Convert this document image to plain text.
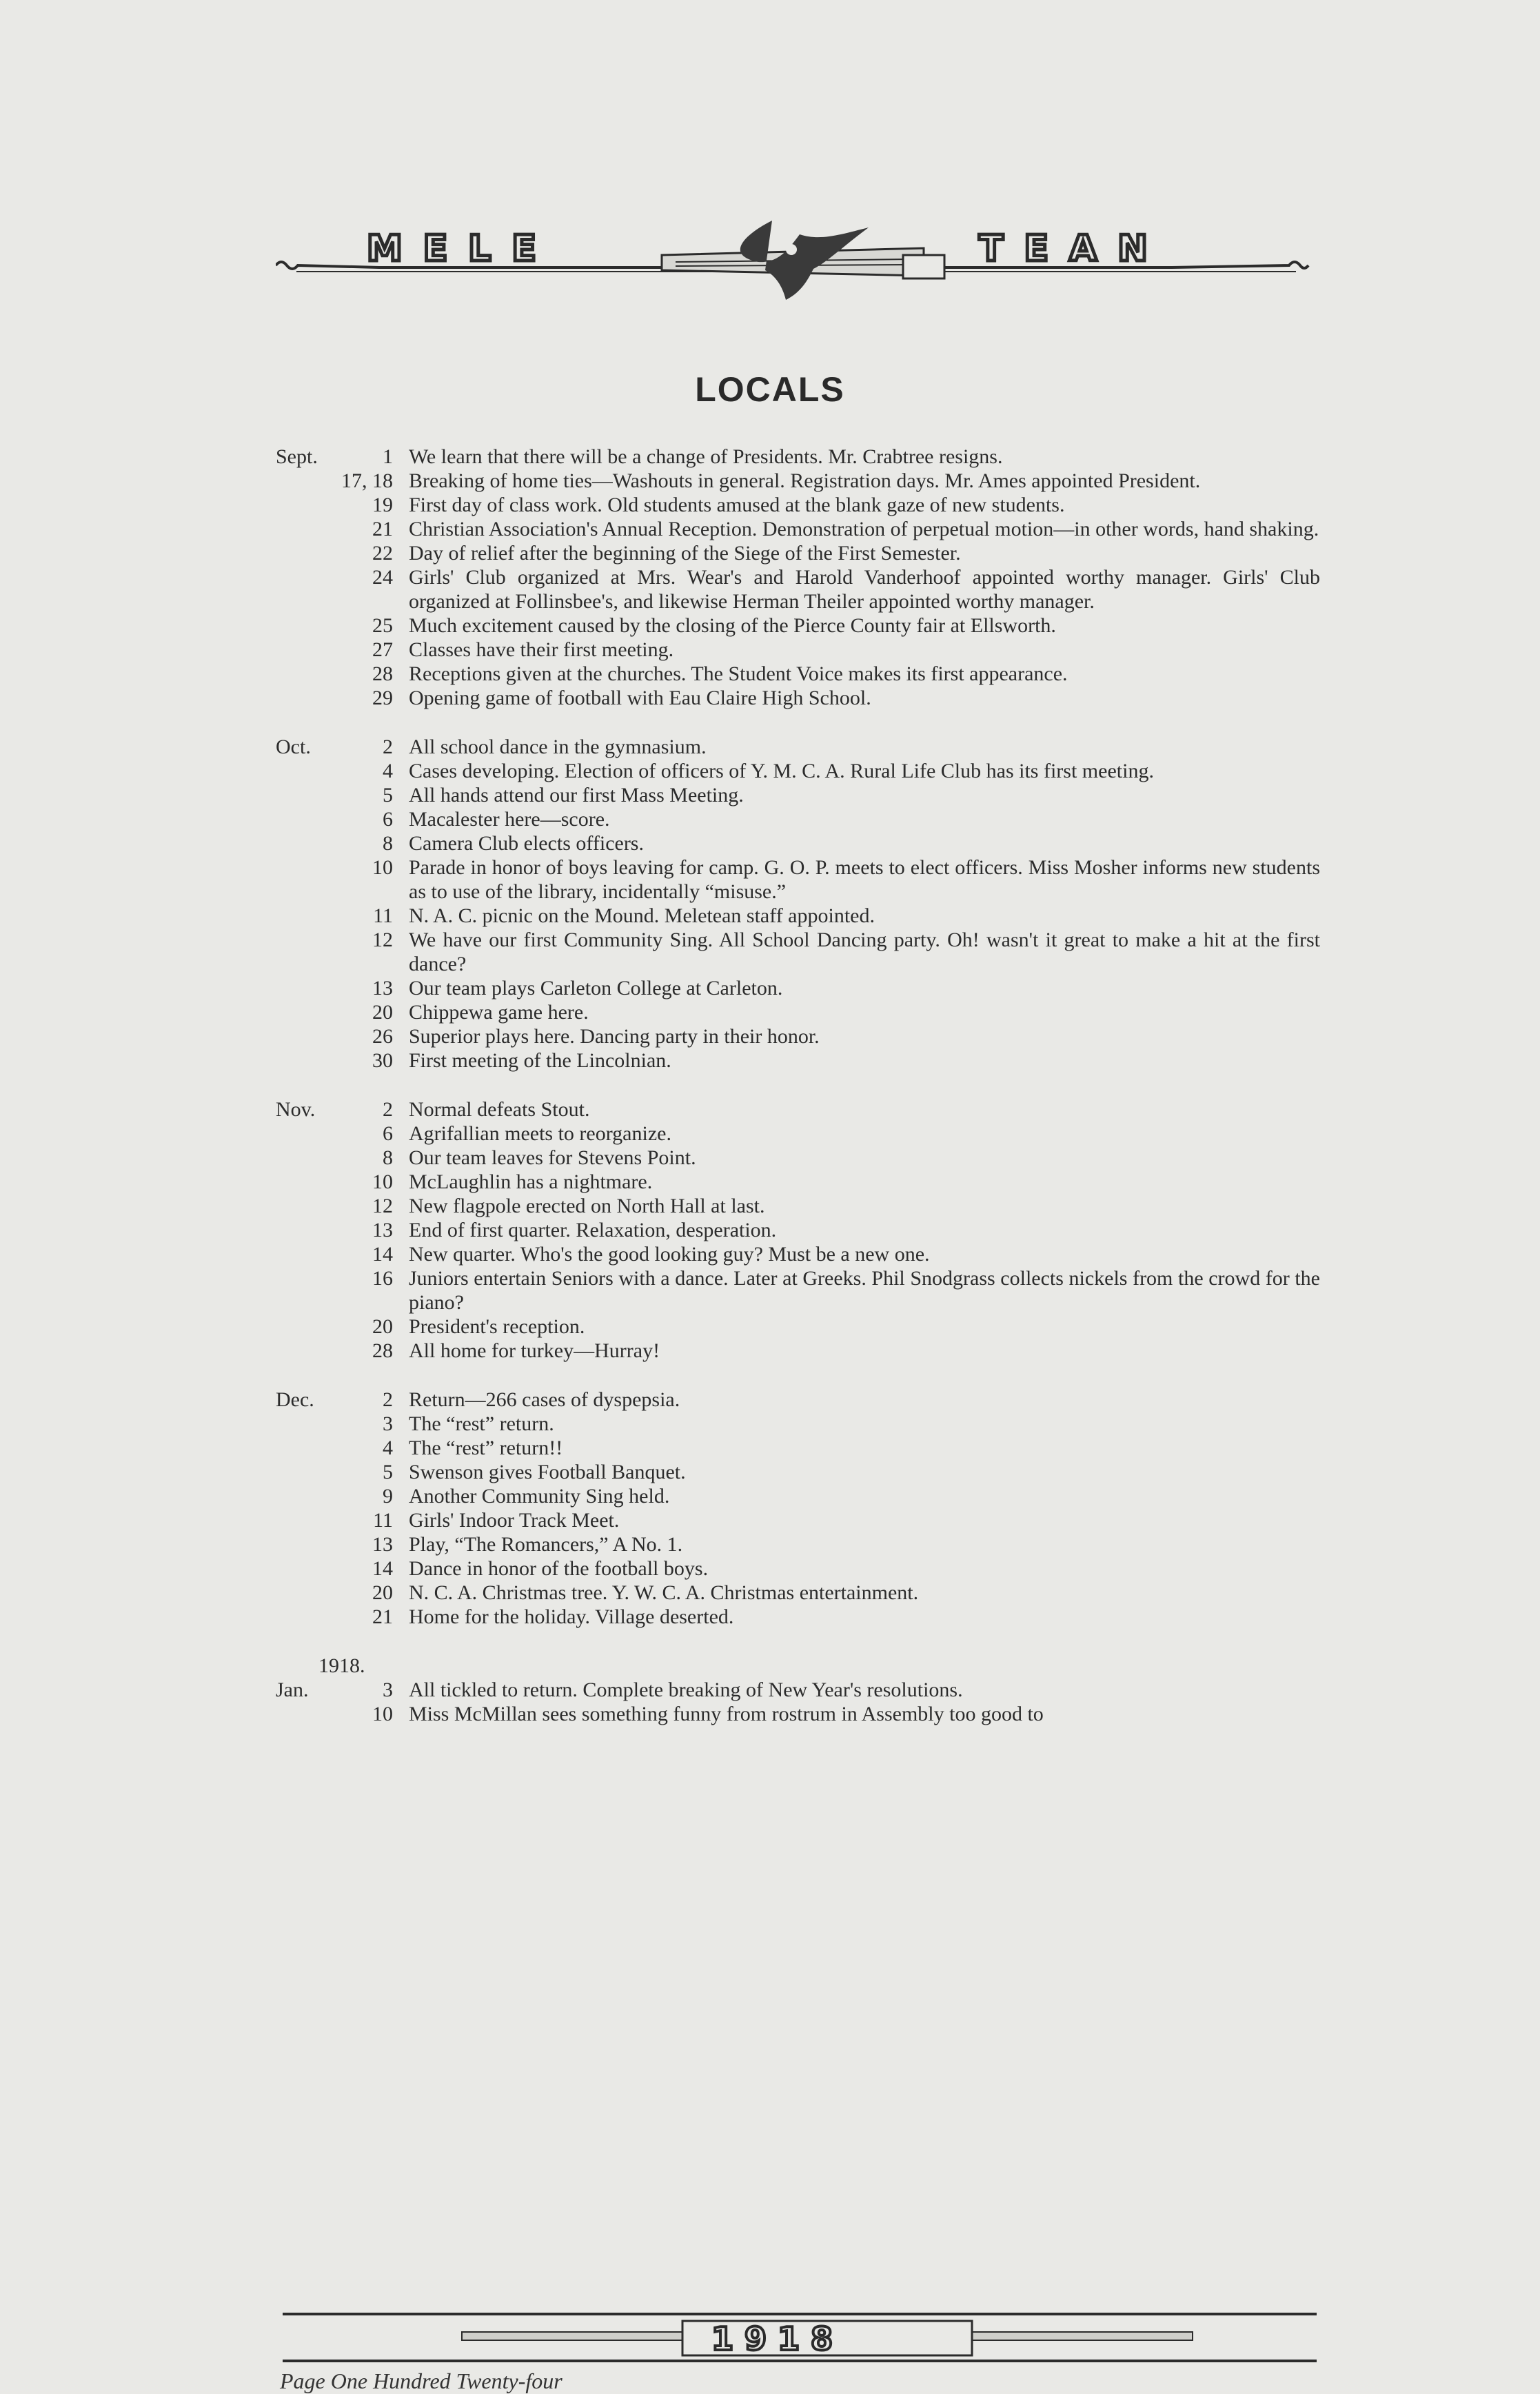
MELE	TEAN
LOCALS
Sept.	1 We learn that there will be a change of Presidents. Mr. Crabtree resigns.
17, 18 Breaking of home ties—Washouts in general. Registration days. Mr. Ames appointed President.
19 First day of class work. Old students amused at the blank gaze of new students.
21 Christian Association's Annual Reception. Demonstration of perpetual motion—in other words, hand shaking.
22 Day of relief after the beginning of the Siege of the First Semester.
24 Girls' Club organized at Mrs. Wear's and Harold Vanderhoof appointed worthy manager. Girls' Club organized at Follinsbee's, and likewise Herman Theiler appointed worthy manager.
25 Much excitement caused by the closing of the Pierce County fair at Ellsworth.
27 Classes have their first meeting.
28 Receptions given at the churches. The Student Voice makes its first appearance.
29 Opening game of football with Eau Claire High School.
Oct.	2 All school dance in the gymnasium.
4 Cases developing. Election of officers of Y. M. C. A. Rural Life Club has its first meeting.
5 All hands attend our first Mass Meeting.
6 Macalester here—score.
8 Camera Club elects officers.
10 Parade in honor of boys leaving for camp. G. O. P. meets to elect officers. Miss Mosher informs new students as to use of the library, incidentally “misuse.”
11 N. A. C. picnic on the Mound. Meletean staff appointed.
12 We have our first Community Sing. All School Dancing party. Oh! wasn't it great to make a hit at the first dance?
13 Our team plays Carleton College at Carleton.
20 Chippewa game here.
26 Superior plays here. Dancing party in their honor.
30 First meeting of the Lincolnian.
Nov.	2 Normal defeats Stout.
6 Agrifallian meets to reorganize.
8 Our team leaves for Stevens Point.
10 McLaughlin has a nightmare.
12 New flagpole erected on North Hall at last.
13 End of first quarter. Relaxation, desperation.
14 New quarter. Who's the good looking guy? Must be a new one.
16 Juniors entertain Seniors with a dance. Later at Greeks. Phil Snodgrass collects nickels from the crowd for the piano?
20 President's reception.
28 All home for turkey—Hurray!
Dec.	2 Return—266 cases of dyspepsia.
3 The “rest” return.
4 The “rest” return!!
5 Swenson gives Football Banquet.
9 Another Community Sing held.
11 Girls' Indoor Track Meet.
13 Play, “The Romancers,” A No. 1.
14 Dance in honor of the football boys.
20 N. C. A. Christmas tree. Y. W. C. A. Christmas entertainment.
21 Home for the holiday. Village deserted.
1918.
Jan.	3 All tickled to return. Complete breaking of New Year's resolutions.
10 Miss McMillan sees something funny from rostrum in Assembly too good to
1918
Page One Hundred Twenty-four
